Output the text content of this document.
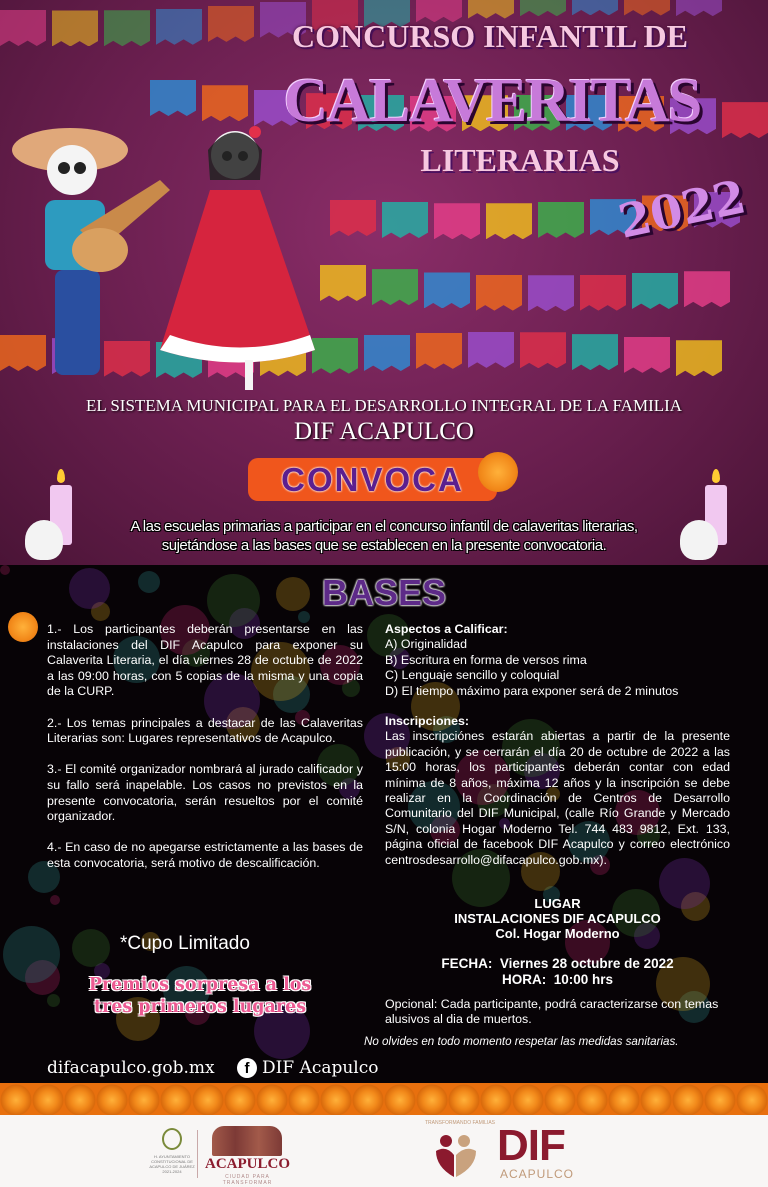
CONCURSO INFANTIL DE
CALAVERITAS
LITERARIAS
2022
EL SISTEMA MUNICIPAL PARA EL DESARROLLO INTEGRAL DE LA FAMILIA
DIF ACAPULCO
CONVOCA
A las escuelas primarias a participar en el concurso infantil de calaveritas literarias,
sujetándose a las bases que se establecen en la presente convocatoria.
BASES

1.- Los participantes deberán presentarse en las instalaciones del DIF Acapulco para exponer su Calaverita Literaria, el día viernes 28 de octubre de 2022 a las 09:00 horas, con 5 copias de la misma y una copia de la CURP.

2.- Los temas principales a destacar de las Calaveritas Literarias son: Lugares representativos de Acapulco.

3.- El comité organizador nombrará al jurado calificador y su fallo será inapelable. Los casos no previstos en la presente convocatoria, serán resueltos por el comité organizador.

4.- En caso de no apegarse estrictamente a las bases de esta convocatoria, será motivo de descalificación.

Aspectos a Calificar:
A) Originalidad
B) Escritura en forma de versos rima
C) Lenguaje sencillo y coloquial
D) El tiempo máximo para exponer será de 2 minutos
Inscripciones:
Las inscripciónes estarán abiertas a partir de la presente publicación, y se cerrarán el día 20 de octubre de 2022 a las 15:00 horas, los participantes deberán contar con edad mínima de 8 años, máxima 12 años y la inscripción se debe realizar en la Coordinación de Centros de Desarrollo Comunitario del DIF Municipal, (calle Río Grande y Mercado S/N, colonia Hogar Moderno Tel. 744 483 9812, Ext. 133, página oficial de facebook DIF Acapulco y correo electrónico centrosdesarrollo@difacapulco.gob.mx).
LUGAR
INSTALACIONES DIF ACAPULCO
Col. Hogar Moderno
FECHA:  Viernes 28 octubre de 2022
HORA:  10:00 hrs
Opcional: Cada participante, podrá caracterizarse con temas alusivos al dia de muertos.
No olvides en todo momento respetar las medidas sanitarias.
*Cupo Limitado
Premios sorpresa a los
tres primeros lugares
difacapulco.gob.mx	f DIF Acapulco
H. AYUNTAMIENTO CONSTITUCIONAL DE ACAPULCO DE JUÁREZ 2021-2024	ACAPULCO
CIUDAD PARA TRANSFORMAR
TRANSFORMANDO FAMILIAS DIF
ACAPULCO
